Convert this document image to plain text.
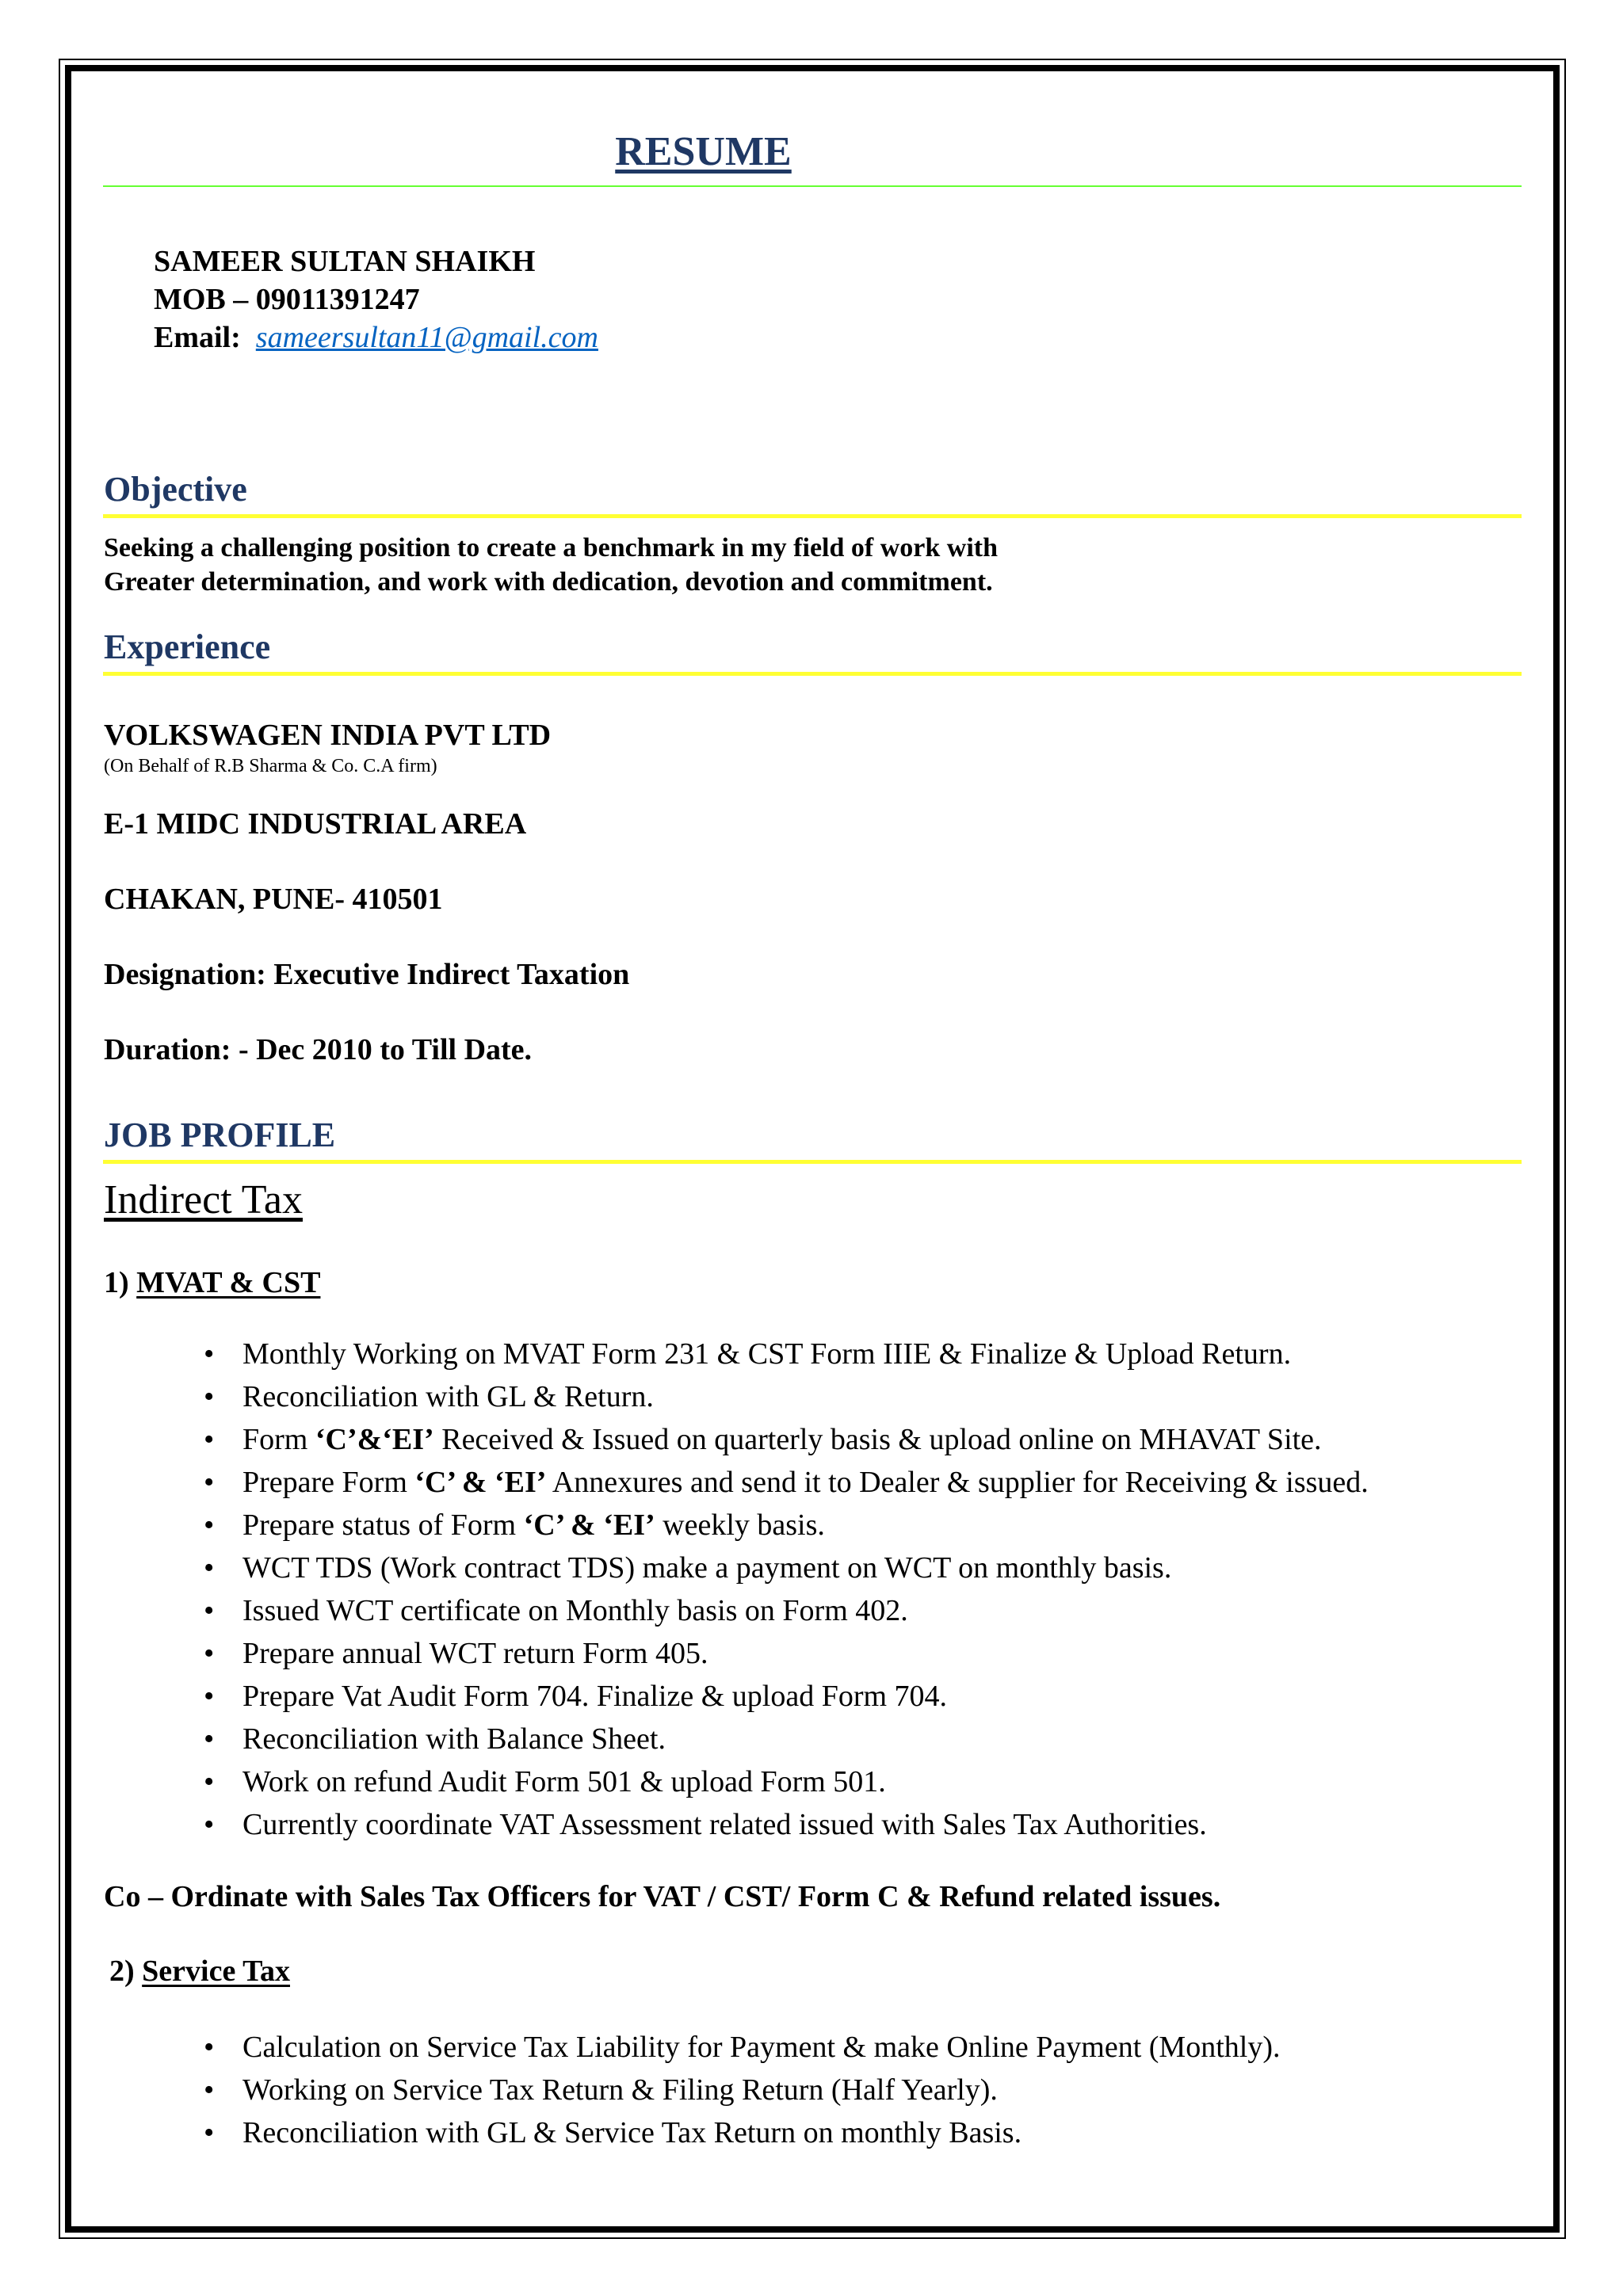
RESUME
SAMEER SULTAN SHAIKH
MOB – 09011391247
Email: sameersultan11@gmail.com
Objective
Seeking a challenging position to create a benchmark in my field of work with
Greater determination, and work with dedication, devotion and commitment.
Experience
VOLKSWAGEN INDIA PVT LTD
(On Behalf of R.B Sharma & Co. C.A firm)
E-1 MIDC INDUSTRIAL AREA
CHAKAN, PUNE- 410501
Designation: Executive Indirect Taxation
Duration: - Dec 2010 to Till Date.
JOB PROFILE
Indirect Tax
1) MVAT & CST
• Monthly Working on MVAT Form 231 & CST Form IIIE & Finalize & Upload Return.
• Reconciliation with GL & Return.
• Form ‘C’&‘EI’ Received & Issued on quarterly basis & upload online on MHAVAT Site.
• Prepare Form ‘C’ & ‘EI’ Annexures and send it to Dealer & supplier for Receiving & issued.
• Prepare status of Form ‘C’ & ‘EI’ weekly basis.
• WCT TDS (Work contract TDS) make a payment on WCT on monthly basis.
• Issued WCT certificate on Monthly basis on Form 402.
• Prepare annual WCT return Form 405.
• Prepare Vat Audit Form 704. Finalize & upload Form 704.
• Reconciliation with Balance Sheet.
• Work on refund Audit Form 501 & upload Form 501.
• Currently coordinate VAT Assessment related issued with Sales Tax Authorities.
Co – Ordinate with Sales Tax Officers for VAT / CST/ Form C & Refund related issues.
2) Service Tax
• Calculation on Service Tax Liability for Payment & make Online Payment (Monthly).
• Working on Service Tax Return & Filing Return (Half Yearly).
• Reconciliation with GL & Service Tax Return on monthly Basis.
